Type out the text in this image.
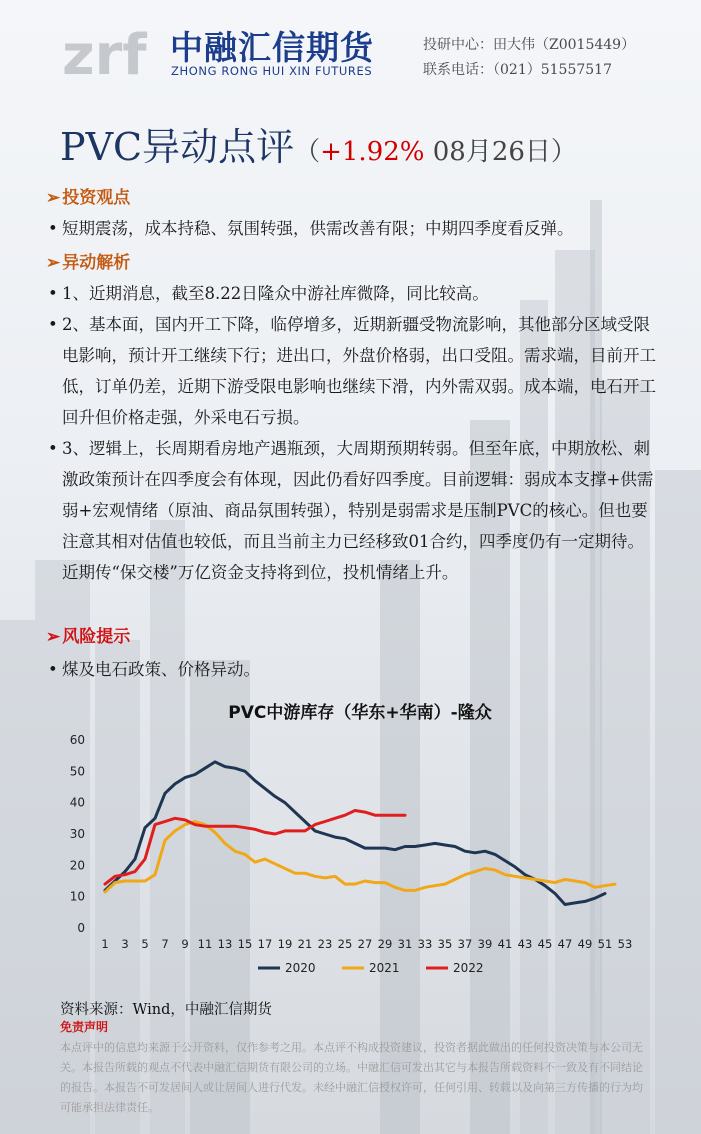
zrf 中融汇信期货
ZHONG RONG HUI XIN FUTURES
投研中心：田大伟（Z0015449）
联系电话：（021）51557517
PVC异动点评（+1.92% 08月26日）
➢ 投资观点
• 短期震荡，成本持稳、氛围转强，供需改善有限；中期四季度看反弹。
➢ 异动解析
• 1、近期消息，截至8.22日隆众中游社库微降，同比较高。
• 2、基本面，国内开工下降，临停增多，近期新疆受物流影响，其他部分区域受限电影响，预计开工继续下行；进出口，外盘价格弱，出口受阻。需求端，目前开工低，订单仍差，近期下游受限电影响也继续下滑，内外需双弱。成本端，电石开工回升但价格走强，外采电石亏损。
• 3、逻辑上，长周期看房地产遇瓶颈，大周期预期转弱。但至年底，中期放松、刺激政策预计在四季度会有体现，因此仍看好四季度。目前逻辑：弱成本支撑+供需弱+宏观情绪（原油、商品氛围转强），特别是弱需求是压制PVC的核心。但也要注意其相对估值也较低，而且当前主力已经移致01合约，四季度仍有一定期待。近期传“保交楼”万亿资金支持将到位，投机情绪上升。
➢ 风险提示
• 煤及电石政策、价格异动。
PVC中游库存（华东+华南）-隆众
0
10
20
30
40
50
60
1 3 5 7 9 11 13 15 17 19 21 23 25 27 29 31 33 35 37 39 41 43 45 47 49 51 53
2020	2021	2022
资料来源：Wind，中融汇信期货
免责声明
本点评中的信息均来源于公开资料，仅作参考之用。本点评不构成投资建议，投资者据此做出的任何投资决策与本公司无关。本报告所载的观点不代表中融汇信期货有限公司的立场。中融汇信可发出其它与本报告所载资料不一致及有不同结论的报告。本报告不可发居间人或让居间人进行代发。未经中融汇信授权许可，任何引用、转载以及向第三方传播的行为均可能承担法律责任。
